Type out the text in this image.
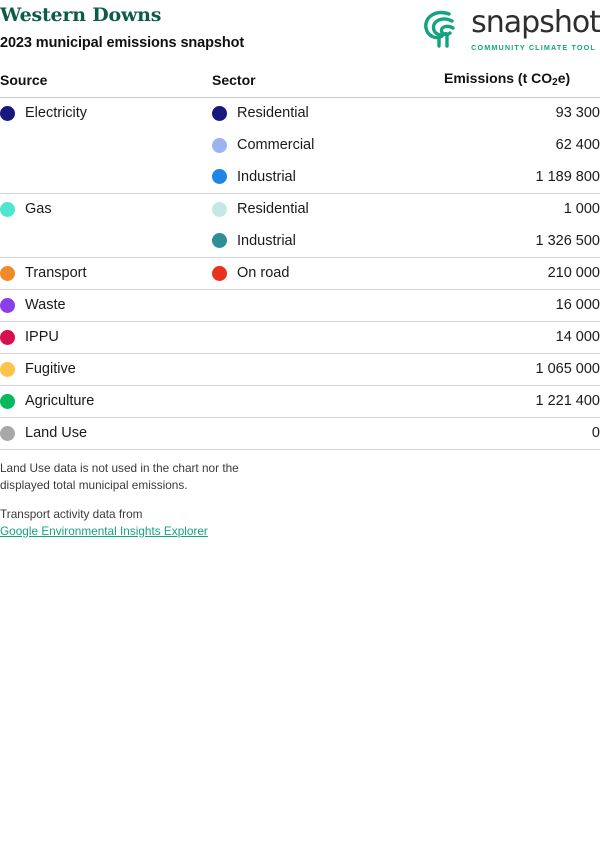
Western Downs
2023 municipal emissions snapshot
snapshot
COMMUNITY CLIMATE TOOL
Source	Sector	Emissions (t CO2e)

Electricity	Residential	93 300

	Commercial	62 400

	Industrial	1 189 800

Gas	Residential	1 000

	Industrial	1 326 500

Transport	On road	210 000

Waste		16 000

IPPU		14 000

Fugitive		1 065 000

Agriculture		1 221 400

Land Use		0

Land Use data is not used in the chart nor the

displayed total municipal emissions.

Transport activity data from

Google Environmental Insights Explorer
